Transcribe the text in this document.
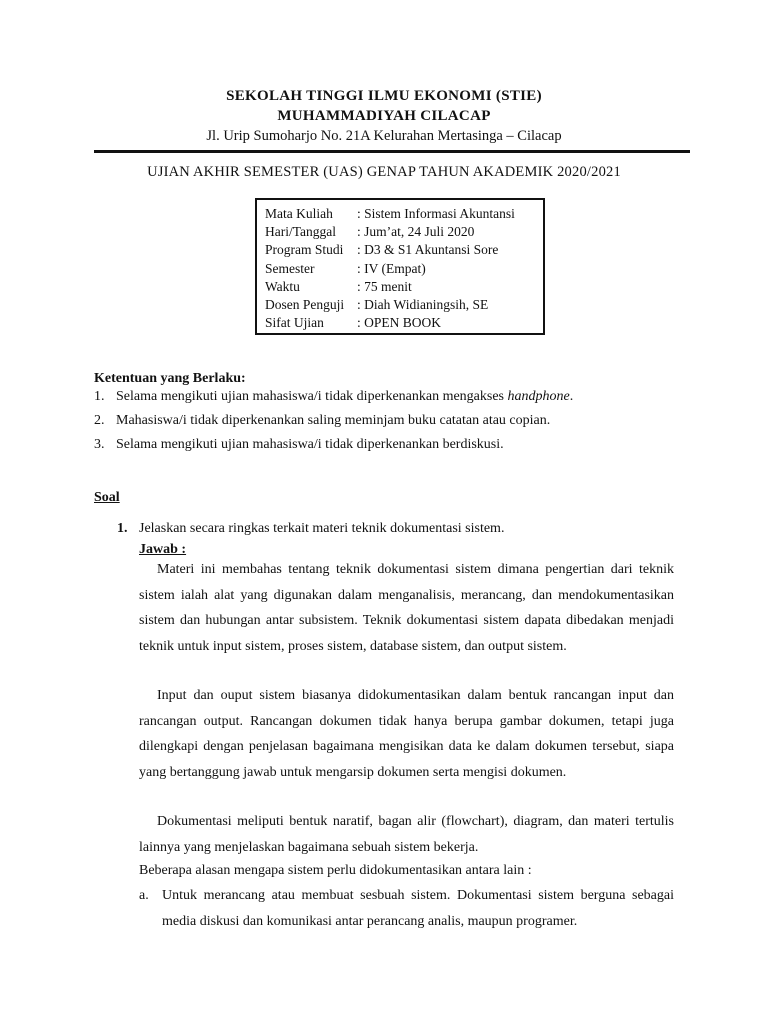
SEKOLAH TINGGI ILMU EKONOMI (STIE)
MUHAMMADIYAH CILACAP
Jl. Urip Sumoharjo No. 21A Kelurahan Mertasinga – Cilacap
UJIAN AKHIR SEMESTER (UAS) GENAP TAHUN AKADEMIK 2020/2021
Mata Kuliah	: Sistem Informasi Akuntansi
Hari/Tanggal	: Jum’at, 24 Juli 2020
Program Studi	: D3 & S1 Akuntansi Sore
Semester	: IV (Empat)
Waktu	: 75 menit
Dosen Penguji : Diah Widianingsih, SE
Sifat Ujian	: OPEN BOOK
Ketentuan yang Berlaku:
1. Selama mengikuti ujian mahasiswa/i tidak diperkenankan mengakses handphone.
2. Mahasiswa/i tidak diperkenankan saling meminjam buku catatan atau copian.
3. Selama mengikuti ujian mahasiswa/i tidak diperkenankan berdiskusi.
Soal
1. Jelaskan secara ringkas terkait materi teknik dokumentasi sistem.
Jawab :
Materi ini membahas tentang teknik dokumentasi sistem dimana pengertian dari teknik sistem ialah alat yang digunakan dalam menganalisis, merancang, dan mendokumentasikan sistem dan hubungan antar subsistem. Teknik dokumentasi sistem dapata dibedakan menjadi teknik untuk input sistem, proses sistem, database sistem, dan output sistem.
Input dan ouput sistem biasanya didokumentasikan dalam bentuk rancangan input dan rancangan output. Rancangan dokumen tidak hanya berupa gambar dokumen, tetapi juga dilengkapi dengan penjelasan bagaimana mengisikan data ke dalam dokumen tersebut, siapa yang bertanggung jawab untuk mengarsip dokumen serta mengisi dokumen.
Dokumentasi meliputi bentuk naratif, bagan alir (flowchart), diagram, dan materi tertulis lainnya yang menjelaskan bagaimana sebuah sistem bekerja.
Beberapa alasan mengapa sistem perlu didokumentasikan antara lain :
a. Untuk merancang atau membuat sesbuah sistem. Dokumentasi sistem berguna sebagai media diskusi dan komunikasi antar perancang analis, maupun programer.
